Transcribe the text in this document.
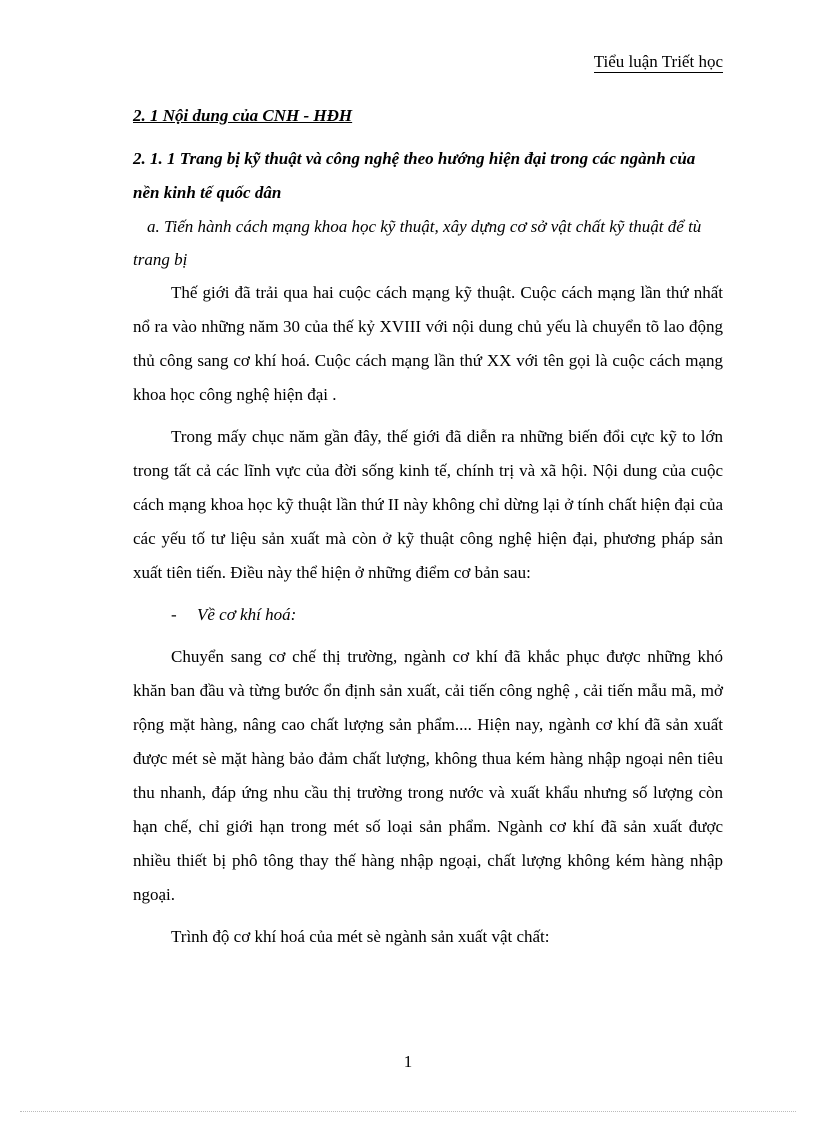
Tiểu luận Triết học

2. 1 Nội dung của CNH - HĐH

2. 1. 1 Trang bị kỹ thuật và công nghệ theo hướng hiện đại trong các ngành của nền kinh tế quốc dân

a. Tiến hành cách mạng khoa học kỹ thuật, xây dựng cơ sở vật chất kỹ thuật để tù trang bị

Thế giới đã trải qua hai cuộc cách mạng kỹ thuật. Cuộc cách mạng lần thứ nhất nổ ra vào những năm 30 của thế kỷ XVIII với nội dung chủ yếu là chuyển tõ lao động thủ công sang cơ khí hoá. Cuộc cách mạng lần thứ XX với tên gọi là cuộc cách mạng khoa học công nghệ hiện đại .

Trong mấy chục năm gần đây, thế giới đã diễn ra những biến đổi cực kỹ to lớn trong tất cả các lĩnh vực của đời sống kinh tế, chính trị và xã hội. Nội dung của cuộc cách mạng khoa học kỹ thuật lần thứ II này không chỉ dừng lại ở tính chất hiện đại của các yếu tố tư liệu sản xuất mà còn ở kỹ thuật công nghệ hiện đại, phương pháp sản xuất tiên tiến. Điều này thể hiện ở những điểm cơ bản sau:

- Về cơ khí hoá:

Chuyển sang cơ chế thị trường, ngành cơ khí đã khắc phục được những khó khăn ban đầu và từng bước ổn định sản xuất, cải tiến công nghệ , cải tiến mẫu mã, mở rộng mặt hàng, nâng cao chất lượng sản phẩm.... Hiện nay, ngành cơ khí đã sản xuất được mét sè mặt hàng bảo đảm chất lượng, không thua kém hàng nhập ngoại nên tiêu thu nhanh, đáp ứng nhu cầu thị trường trong nước và xuất khẩu nhưng số lượng còn hạn chế, chỉ giới hạn trong mét số loại sản phẩm. Ngành cơ khí đã sản xuất được nhiều thiết bị phô tông thay thế hàng nhập ngoại, chất lượng không kém hàng nhập ngoại.

Trình độ cơ khí hoá của mét sè ngành sản xuất vật chất:

1
